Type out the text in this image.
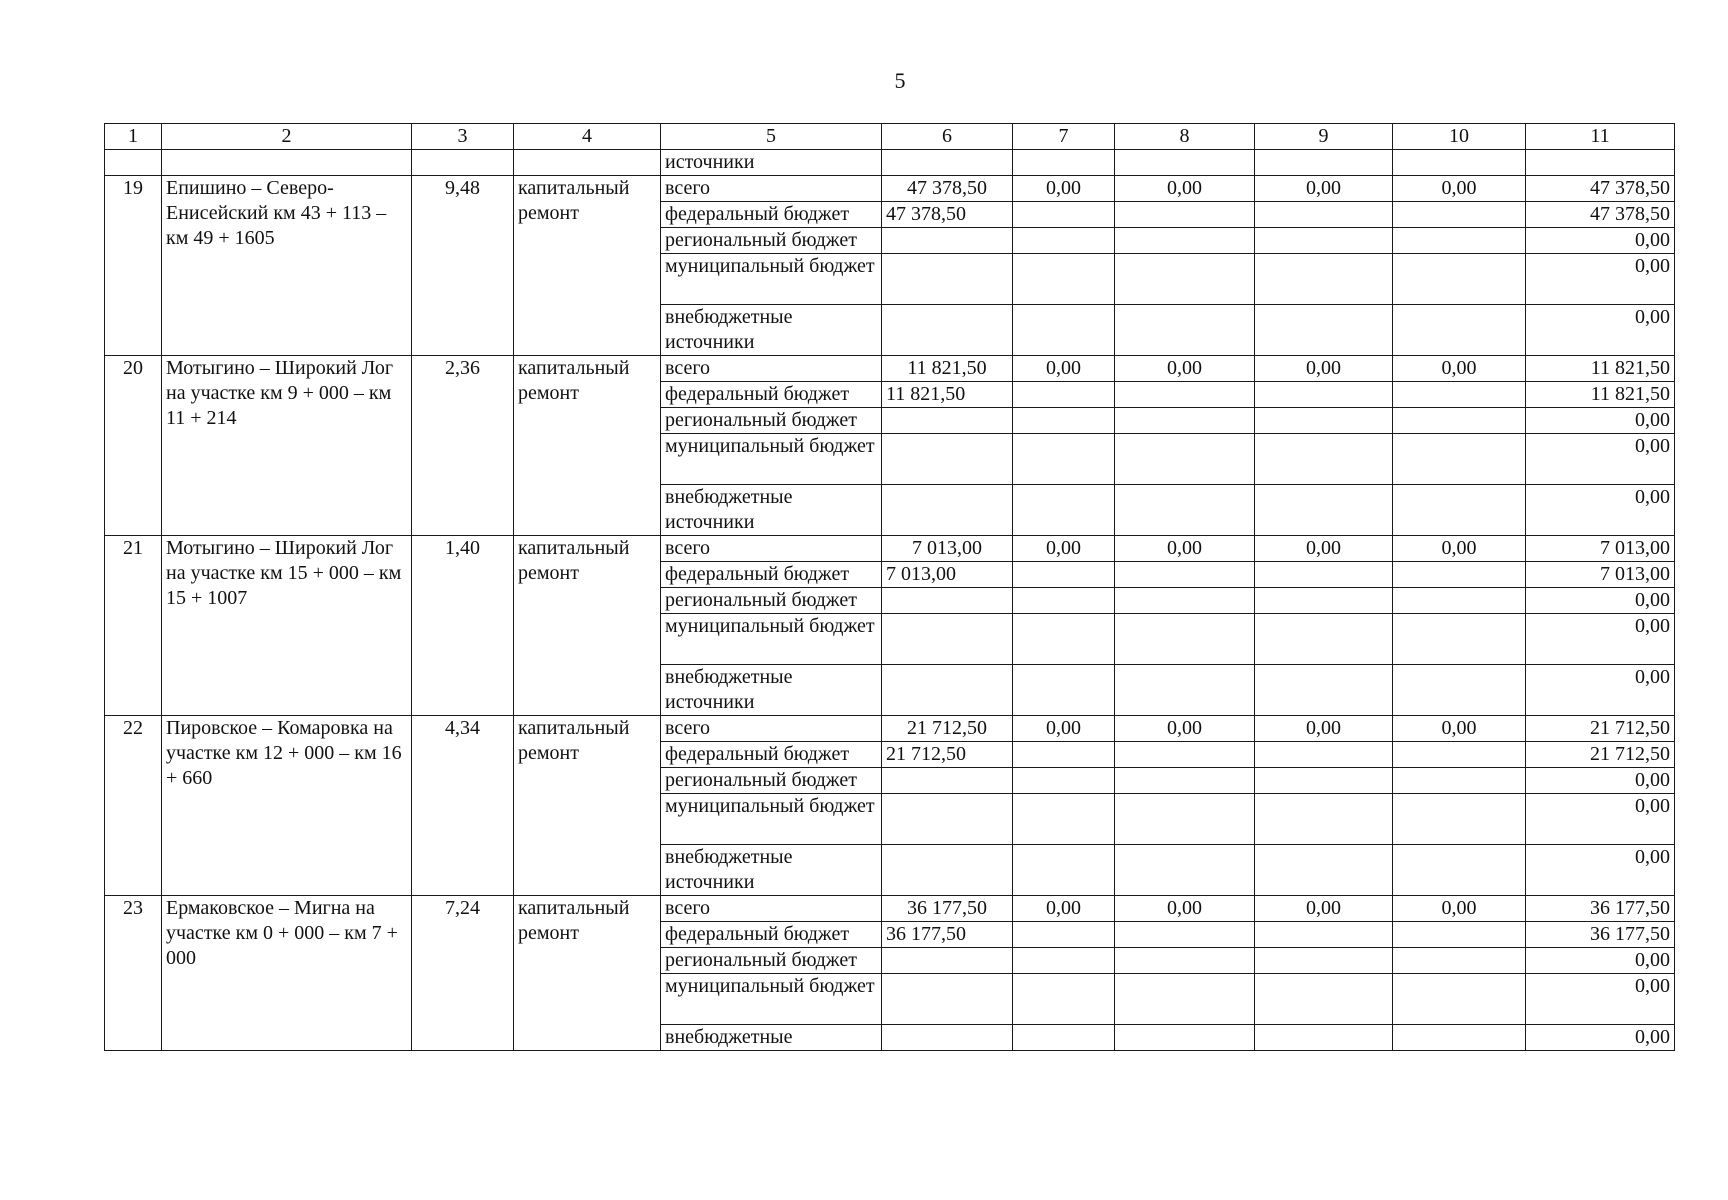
5
1	2	3	4	5	6	7	8	9	10	11
				источники						
19	Епишино – Северо-Енисейский км 43 + 113 – км 49 + 1605	9,48	капитальный ремонт	всего	47 378,50	0,00	0,00	0,00	0,00	47 378,50
				федеральный бюджет	47 378,50					47 378,50
				региональный бюджет						0,00
				муниципальный бюджет						0,00
				внебюджетные источники						0,00
20	Мотыгино – Широкий Лог на участке км 9 + 000 – км 11 + 214	2,36	капитальный ремонт	всего	11 821,50	0,00	0,00	0,00	0,00	11 821,50
				федеральный бюджет	11 821,50					11 821,50
				региональный бюджет						0,00
				муниципальный бюджет						0,00
				внебюджетные источники						0,00
21	Мотыгино – Широкий Лог на участке км 15 + 000 – км 15 + 1007	1,40	капитальный ремонт	всего	7 013,00	0,00	0,00	0,00	0,00	7 013,00
				федеральный бюджет	7 013,00					7 013,00
				региональный бюджет						0,00
				муниципальный бюджет						0,00
				внебюджетные источники						0,00
22	Пировское – Комаровка на участке км 12 + 000 – км 16 + 660	4,34	капитальный ремонт	всего	21 712,50	0,00	0,00	0,00	0,00	21 712,50
				федеральный бюджет	21 712,50					21 712,50
				региональный бюджет						0,00
				муниципальный бюджет						0,00
				внебюджетные источники						0,00
23	Ермаковское – Мигна на участке км 0 + 000 – км 7 + 000	7,24	капитальный ремонт	всего	36 177,50	0,00	0,00	0,00	0,00	36 177,50
				федеральный бюджет	36 177,50					36 177,50
				региональный бюджет						0,00
				муниципальный бюджет						0,00
				внебюджетные						0,00
